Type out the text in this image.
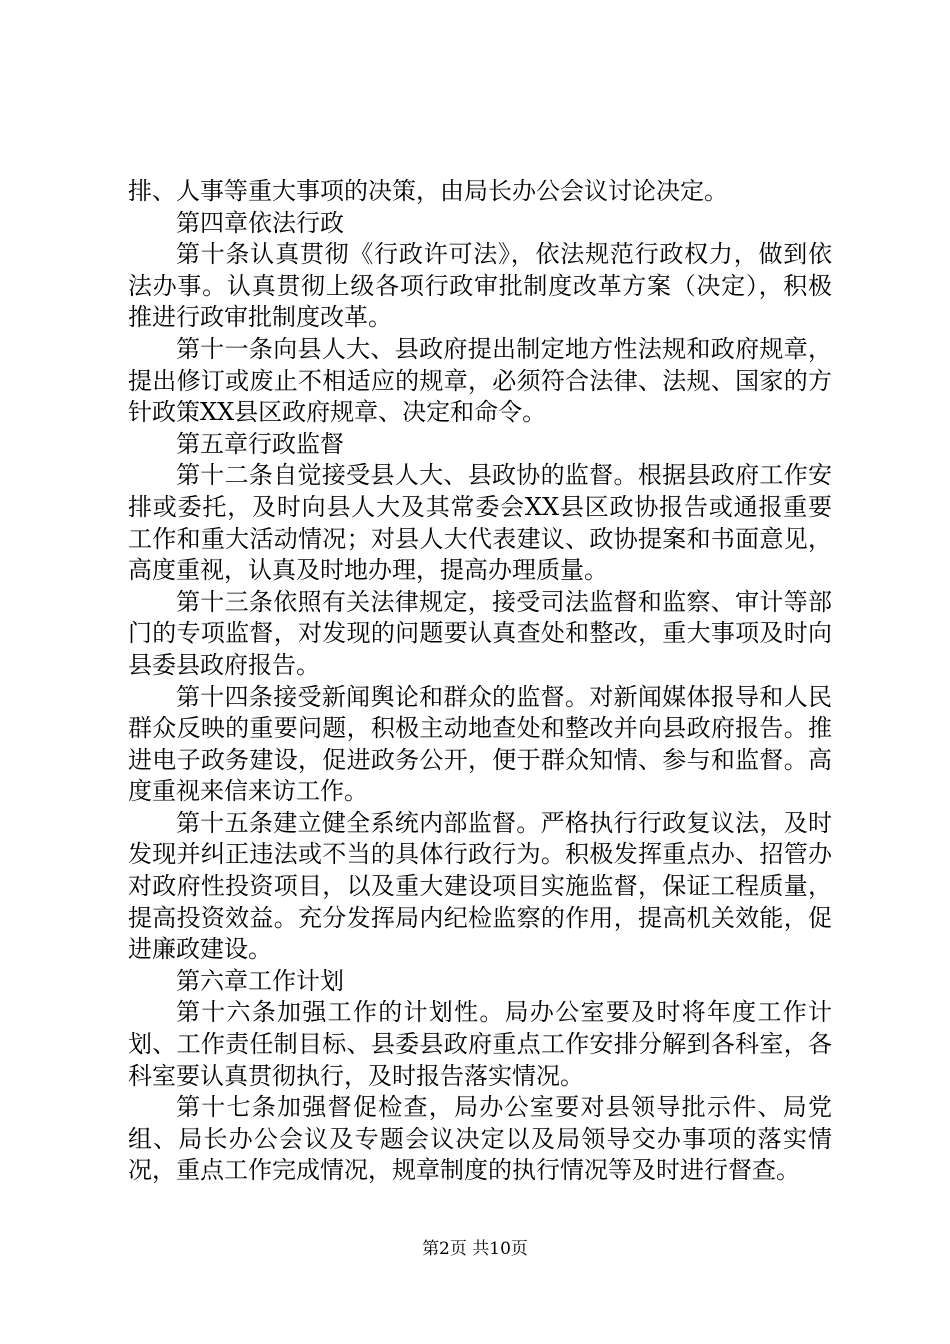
排、人事等重大事项的决策，由局长办公会议讨论决定。

第四章依法行政

第十条认真贯彻《行政许可法》，依法规范行政权力，做到依法办事。认真贯彻上级各项行政审批制度改革方案（决定），积极推进行政审批制度改革。

第十一条向县人大、县政府提出制定地方性法规和政府规章，提出修订或废止不相适应的规章，必须符合法律、法规、国家的方针政策XX县区政府规章、决定和命令。

第五章行政监督

第十二条自觉接受县人大、县政协的监督。根据县政府工作安排或委托，及时向县人大及其常委会XX县区政协报告或通报重要工作和重大活动情况；对县人大代表建议、政协提案和书面意见，高度重视，认真及时地办理，提高办理质量。

第十三条依照有关法律规定，接受司法监督和监察、审计等部门的专项监督，对发现的问题要认真查处和整改，重大事项及时向县委县政府报告。

第十四条接受新闻舆论和群众的监督。对新闻媒体报导和人民群众反映的重要问题，积极主动地查处和整改并向县政府报告。推进电子政务建设，促进政务公开，便于群众知情、参与和监督。高度重视来信来访工作。

第十五条建立健全系统内部监督。严格执行行政复议法，及时发现并纠正违法或不当的具体行政行为。积极发挥重点办、招管办对政府性投资项目，以及重大建设项目实施监督，保证工程质量，提高投资效益。充分发挥局内纪检监察的作用，提高机关效能，促进廉政建设。

第六章工作计划

第十六条加强工作的计划性。局办公室要及时将年度工作计划、工作责任制目标、县委县政府重点工作安排分解到各科室，各科室要认真贯彻执行，及时报告落实情况。

第十七条加强督促检查，局办公室要对县领导批示件、局党组、局长办公会议及专题会议决定以及局领导交办事项的落实情况，重点工作完成情况，规章制度的执行情况等及时进行督查。

第2页 共10页
